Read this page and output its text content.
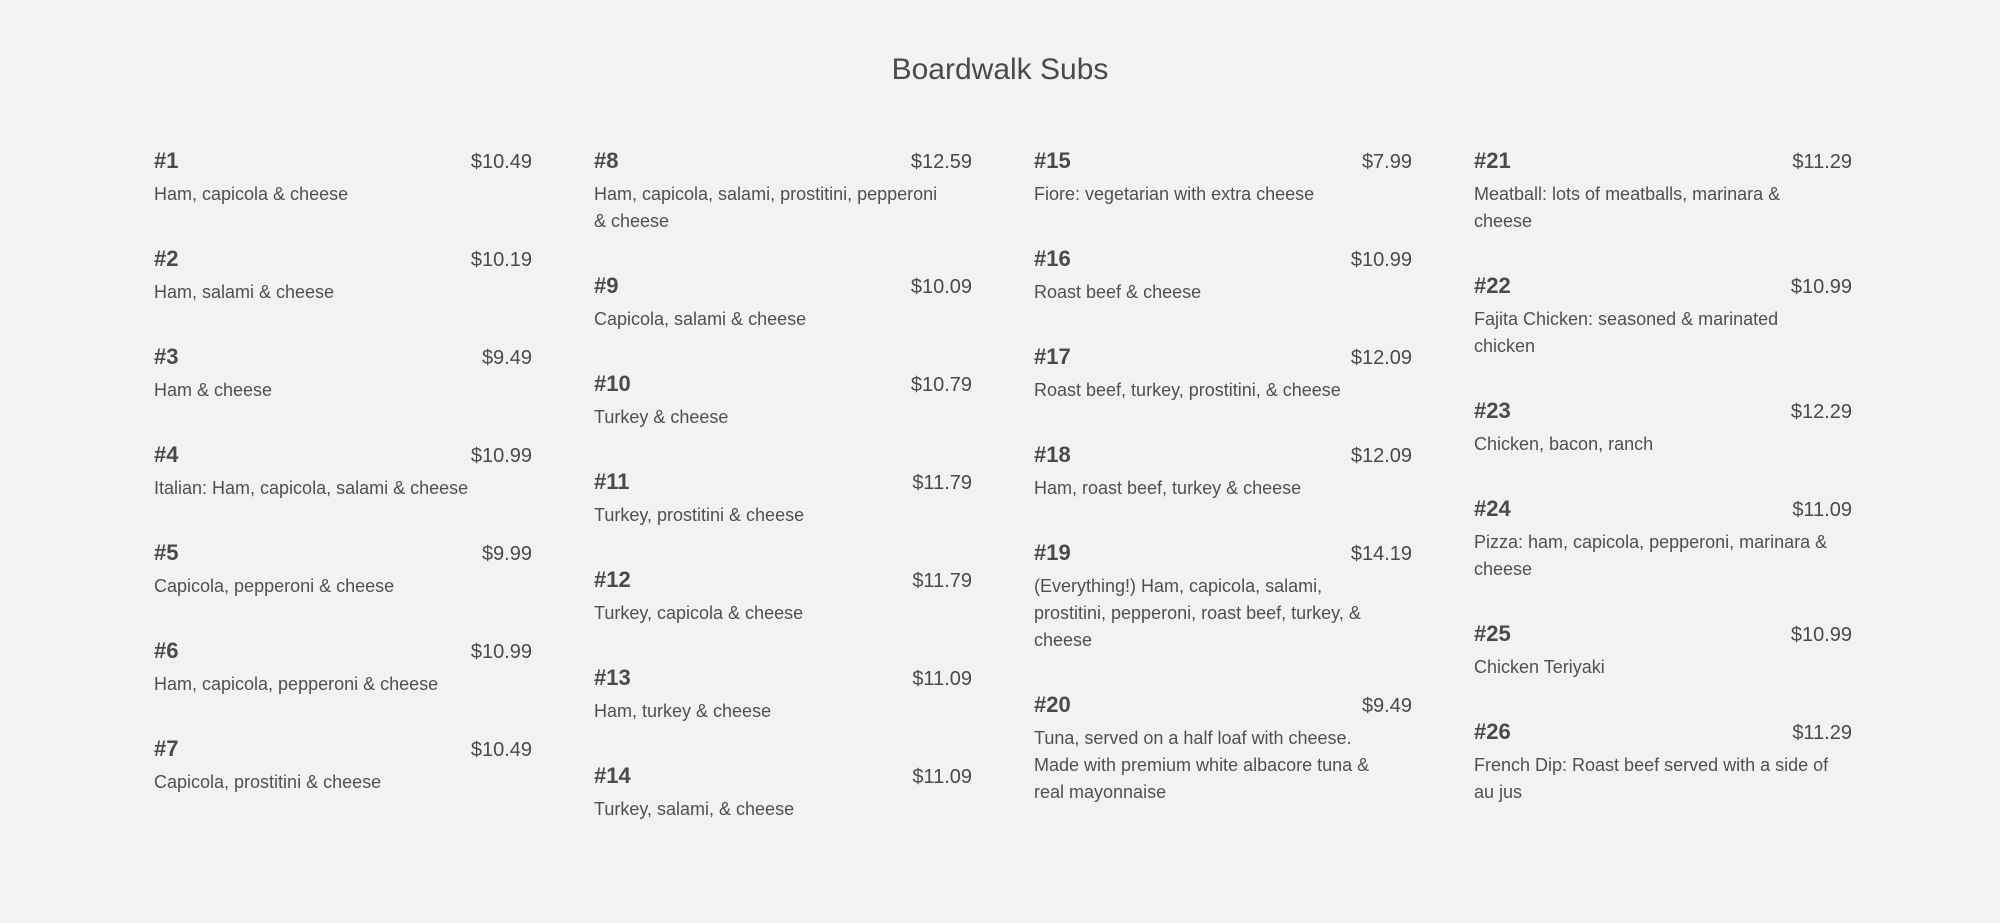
Boardwalk Subs
#1	$10.49
Ham, capicola & cheese
#2	$10.19
Ham, salami & cheese
#3	$9.49
Ham & cheese
#4	$10.99
Italian: Ham, capicola, salami & cheese
#5	$9.99
Capicola, pepperoni & cheese
#6	$10.99
Ham, capicola, pepperoni & cheese
#7	$10.49
Capicola, prostitini & cheese
#8	$12.59
Ham, capicola, salami, prostitini, pepperoni & cheese
#9	$10.09
Capicola, salami & cheese
#10	$10.79
Turkey & cheese
#11	$11.79
Turkey, prostitini & cheese
#12	$11.79
Turkey, capicola & cheese
#13	$11.09
Ham, turkey & cheese
#14	$11.09
Turkey, salami, & cheese
#15	$7.99
Fiore: vegetarian with extra cheese
#16	$10.99
Roast beef & cheese
#17	$12.09
Roast beef, turkey, prostitini, & cheese
#18	$12.09
Ham, roast beef, turkey & cheese
#19	$14.19
(Everything!) Ham, capicola, salami, prostitini, pepperoni, roast beef, turkey, & cheese
#20	$9.49
Tuna, served on a half loaf with cheese. Made with premium white albacore tuna & real mayonnaise
#21	$11.29
Meatball: lots of meatballs, marinara & cheese
#22	$10.99
Fajita Chicken: seasoned & marinated chicken
#23	$12.29
Chicken, bacon, ranch
#24	$11.09
Pizza: ham, capicola, pepperoni, marinara & cheese
#25	$10.99
Chicken Teriyaki
#26	$11.29
French Dip: Roast beef served with a side of au jus
